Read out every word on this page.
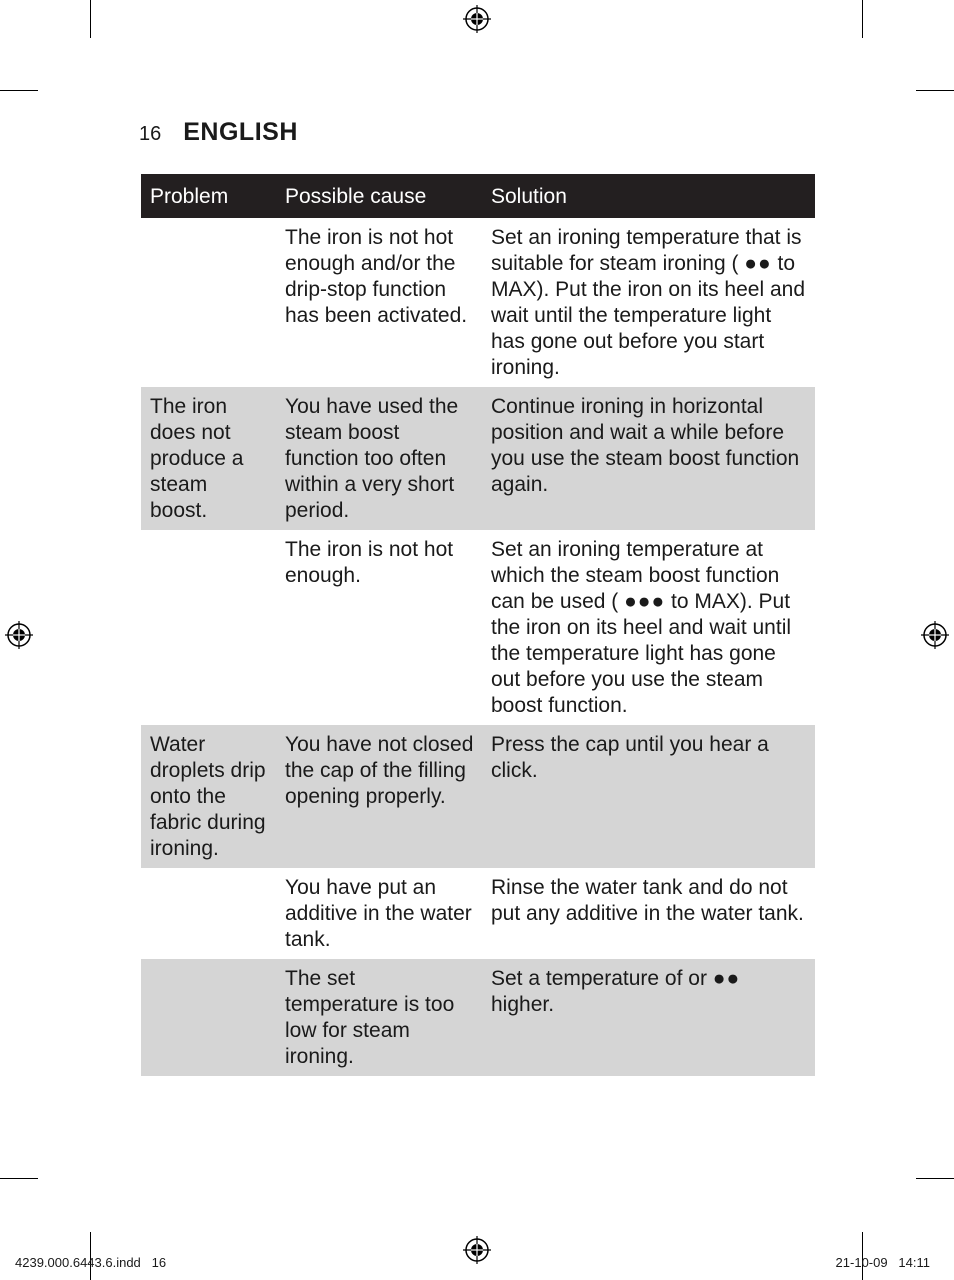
16 ENGLISH
Problem	Possible cause	Solution
	The iron is not hot enough and/or the drip-stop function has been activated.	Set an ironing temperature that is suitable for steam ironing ( ●● to MAX). Put the iron on its heel and wait until the temperature light has gone out before you start ironing.
The iron does not produce a steam boost.	You have used the steam boost function too often within a very short period.	Continue ironing in horizontal position and wait a while before you use the steam boost function again.
	The iron is not hot enough.	Set an ironing temperature at which the steam boost function can be used ( ●●● to MAX). Put the iron on its heel and wait until the temperature light has gone out before you use the steam boost function.
Water droplets drip onto the fabric during ironing.	You have not closed the cap of the filling opening properly.	Press the cap until you hear a click.
	You have put an additive in the water tank.	Rinse the water tank and do not put any additive in the water tank.
	The set temperature is too low for steam ironing.	Set a temperature of or ●● higher.
4239.000.6443.6.indd   16	21-10-09   14:11
